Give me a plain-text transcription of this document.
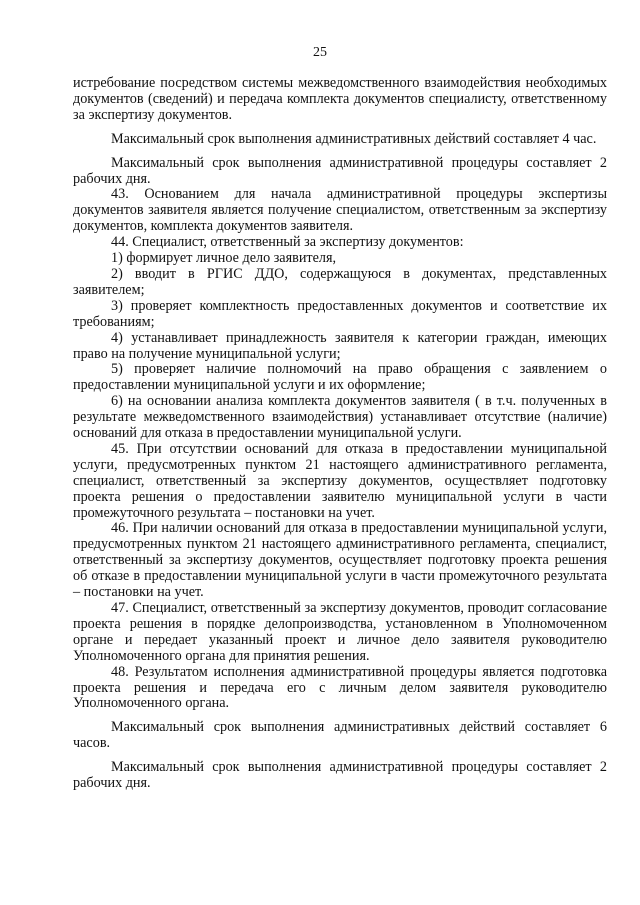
25

истребование посредством системы межведомственного взаимодействия необходимых документов (сведений) и передача комплекта документов специалисту, ответственному за экспертизу документов.

Максимальный срок выполнения административных действий составляет 4 час.

Максимальный срок выполнения административной процедуры составляет 2 рабочих дня.

43. Основанием для начала административной процедуры экспертизы документов заявителя является получение специалистом, ответственным за экспертизу документов, комплекта документов заявителя.

44. Специалист, ответственный за экспертизу документов:

1) формирует личное дело заявителя,

2) вводит в РГИС ДДО, содержащуюся в документах, представленных заявителем;

3) проверяет комплектность предоставленных документов и соответствие их требованиям;

4) устанавливает принадлежность заявителя к категории граждан, имеющих право на получение муниципальной услуги;

5) проверяет наличие полномочий на право обращения с заявлением о предоставлении муниципальной услуги и их оформление;

6) на основании анализа комплекта документов заявителя ( в т.ч. полученных в результате межведомственного взаимодействия) устанавливает отсутствие (наличие) оснований для отказа в предоставлении муниципальной услуги.

45. При отсутствии оснований для отказа в предоставлении муниципальной услуги, предусмотренных пунктом 21 настоящего административного регламента, специалист, ответственный за экспертизу документов, осуществляет подготовку проекта решения о предоставлении заявителю муниципальной услуги в части промежуточного результата – постановки на учет.

46. При наличии оснований для отказа в предоставлении муниципальной услуги, предусмотренных пунктом 21 настоящего административного регламента, специалист, ответственный за экспертизу документов, осуществляет подготовку проекта решения об отказе в предоставлении муниципальной услуги в части промежуточного результата – постановки на учет.

47. Специалист, ответственный за экспертизу документов, проводит согласование проекта решения в порядке делопроизводства, установленном в Уполномоченном органе и передает указанный проект и личное дело заявителя руководителю Уполномоченного органа для принятия решения.

48. Результатом исполнения административной процедуры является подготовка проекта решения и передача его с личным делом заявителя руководителю Уполномоченного органа.

Максимальный срок выполнения административных действий составляет 6 часов.

Максимальный срок выполнения административной процедуры составляет 2 рабочих дня.
